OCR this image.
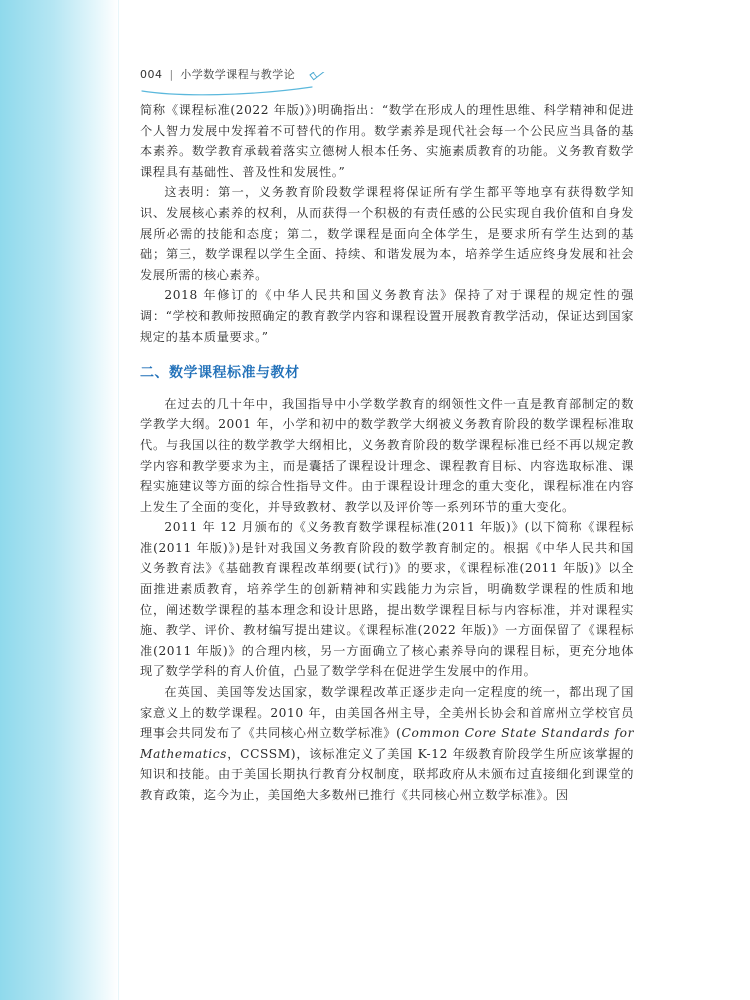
004 | 小学数学课程与教学论

简称《课程标准(2022 年版)》)明确指出：“数学在形成人的理性思维、科学精神和促进个人智力发展中发挥着不可替代的作用。数学素养是现代社会每一个公民应当具备的基本素养。数学教育承载着落实立德树人根本任务、实施素质教育的功能。义务教育数学课程具有基础性、普及性和发展性。”

这表明：第一，义务教育阶段数学课程将保证所有学生都平等地享有获得数学知识、发展核心素养的权利，从而获得一个积极的有责任感的公民实现自我价值和自身发展所必需的技能和态度；第二，数学课程是面向全体学生，是要求所有学生达到的基础；第三，数学课程以学生全面、持续、和谐发展为本，培养学生适应终身发展和社会发展所需的核心素养。

2018 年修订的《中华人民共和国义务教育法》保持了对于课程的规定性的强调：“学校和教师按照确定的教育教学内容和课程设置开展教育教学活动，保证达到国家规定的基本质量要求。”

二、数学课程标准与教材

在过去的几十年中，我国指导中小学数学教育的纲领性文件一直是教育部制定的数学教学大纲。2001 年，小学和初中的数学教学大纲被义务教育阶段的数学课程标准取代。与我国以往的数学教学大纲相比，义务教育阶段的数学课程标准已经不再以规定教学内容和教学要求为主，而是囊括了课程设计理念、课程教育目标、内容选取标准、课程实施建议等方面的综合性指导文件。由于课程设计理念的重大变化，课程标准在内容上发生了全面的变化，并导致教材、教学以及评价等一系列环节的重大变化。

2011 年 12 月颁布的《义务教育数学课程标准(2011 年版)》(以下简称《课程标准(2011 年版)》)是针对我国义务教育阶段的数学教育制定的。根据《中华人民共和国义务教育法》《基础教育课程改革纲要(试行)》的要求，《课程标准(2011 年版)》以全面推进素质教育，培养学生的创新精神和实践能力为宗旨，明确数学课程的性质和地位，阐述数学课程的基本理念和设计思路，提出数学课程目标与内容标准，并对课程实施、教学、评价、教材编写提出建议。《课程标准(2022 年版)》一方面保留了《课程标准(2011 年版)》的合理内核，另一方面确立了核心素养导向的课程目标，更充分地体现了数学学科的育人价值，凸显了数学学科在促进学生发展中的作用。

在英国、美国等发达国家，数学课程改革正逐步走向一定程度的统一，都出现了国家意义上的数学课程。2010 年，由美国各州主导，全美州长协会和首席州立学校官员理事会共同发布了《共同核心州立数学标准》(Common Core State Standards for Mathematics，CCSSM)，该标准定义了美国 K-12 年级教育阶段学生所应该掌握的知识和技能。由于美国长期执行教育分权制度，联邦政府从未颁布过直接细化到课堂的教育政策，迄今为止，美国绝大多数州已推行《共同核心州立数学标准》。因
